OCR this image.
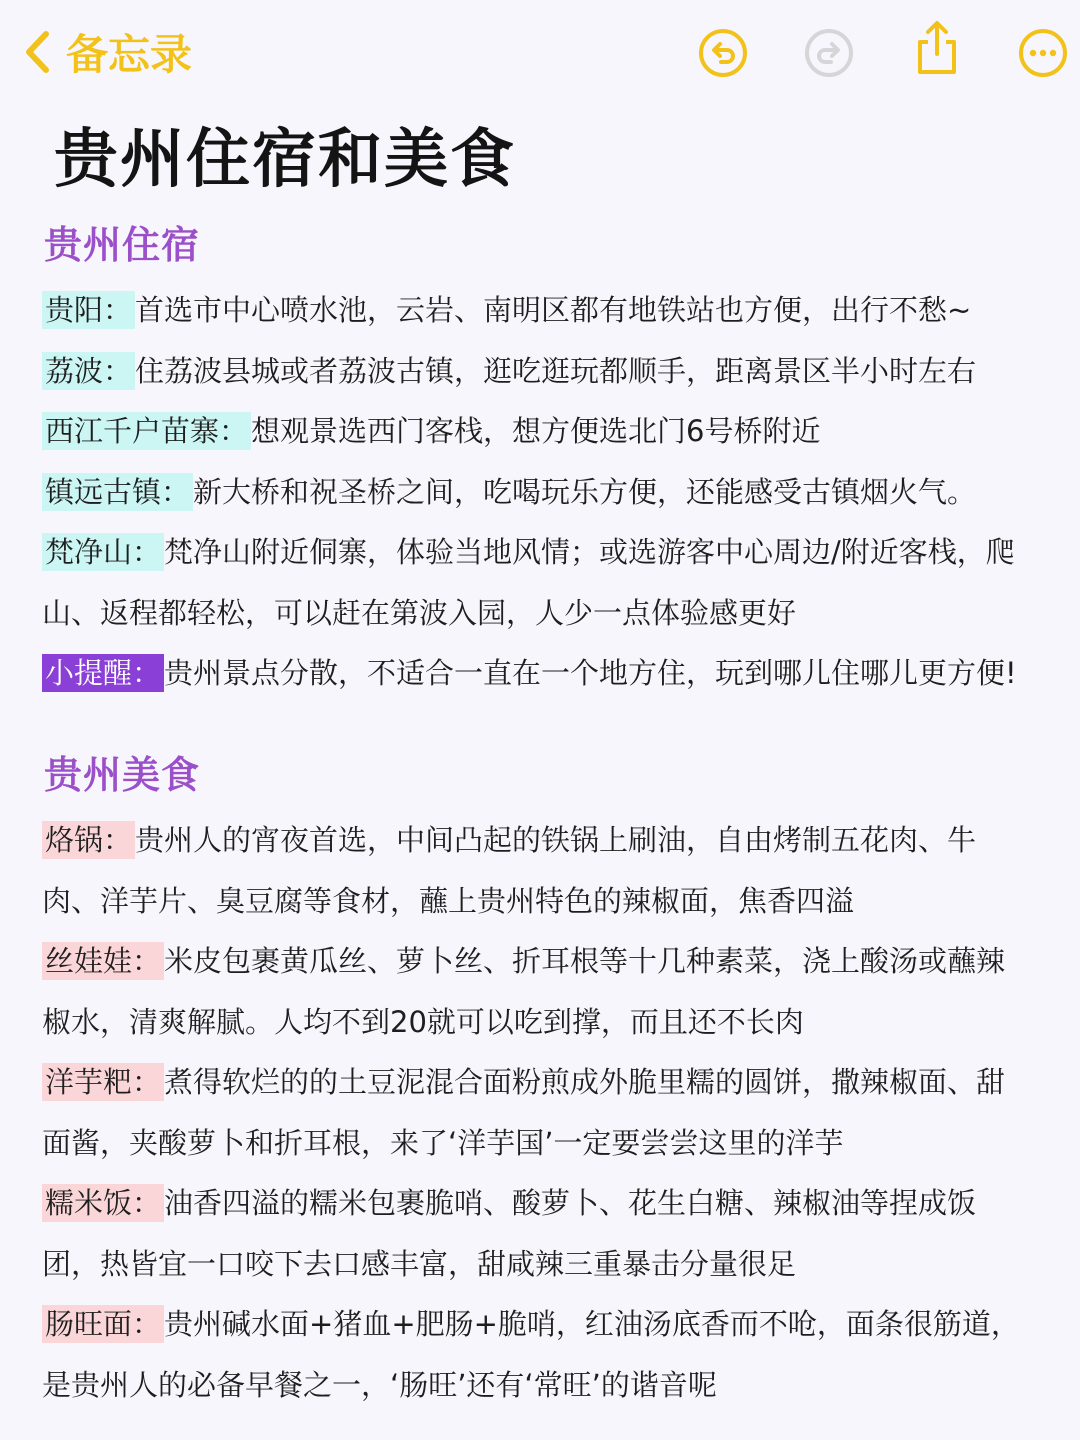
备忘录
贵州住宿和美食
贵州住宿
贵阳： 首选市中心喷水池，云岩、南明区都有地铁站也方便，出行不愁~
荔波： 住荔波县城或者荔波古镇，逛吃逛玩都顺手，距离景区半小时左右
西江千户苗寨： 想观景选西门客栈，想方便选北门6号桥附近
镇远古镇： 新大桥和祝圣桥之间，吃喝玩乐方便，还能感受古镇烟火气。
梵净山： 梵净山附近侗寨，体验当地风情；或选游客中心周边/附近客栈，爬
山、返程都轻松，可以赶在第波入园，人少一点体验感更好
小提醒： 贵州景点分散，不适合一直在一个地方住，玩到哪儿住哪儿更方便!
贵州美食
烙锅： 贵州人的宵夜首选，中间凸起的铁锅上刷油，自由烤制五花肉、牛
肉、洋芋片、臭豆腐等食材，蘸上贵州特色的辣椒面，焦香四溢
丝娃娃： 米皮包裹黄瓜丝、萝卜丝、折耳根等十几种素菜，浇上酸汤或蘸辣
椒水，清爽解腻。人均不到20就可以吃到撑，而且还不长肉
洋芋粑： 煮得软烂的的土豆泥混合面粉煎成外脆里糯的圆饼，撒辣椒面、甜
面酱，夹酸萝卜和折耳根，来了‘洋芋国’一定要尝尝这里的洋芋
糯米饭： 油香四溢的糯米包裹脆哨、酸萝卜、花生白糖、辣椒油等捏成饭
团，热皆宜一口咬下去口感丰富，甜咸辣三重暴击分量很足
肠旺面： 贵州碱水面+猪血+肥肠+脆哨，红油汤底香而不呛，面条很筋道，
是贵州人的必备早餐之一，‘肠旺’还有‘常旺’的谐音呢
